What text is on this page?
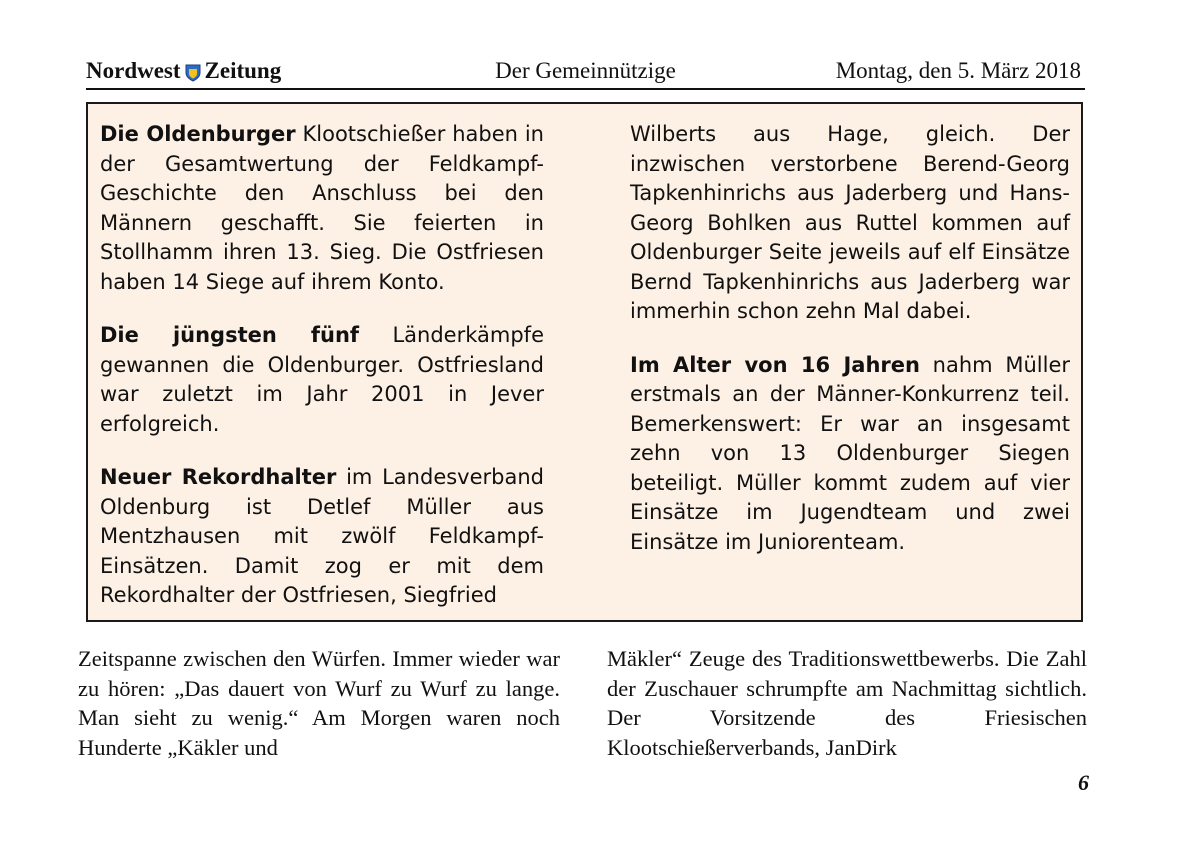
Nordwest Zeitung	Der Gemeinnützige	Montag, den 5. März 2018

Die Oldenburger Klootschießer haben in der Gesamtwertung der Feldkampf-Geschichte den Anschluss bei den Männern geschafft. Sie feierten in Stollhamm ihren 13. Sieg. Die Ostfriesen haben 14 Siege auf ihrem Konto.

Die jüngsten fünf Länderkämpfe gewannen die Oldenburger. Ostfriesland war zuletzt im Jahr 2001 in Jever erfolgreich.

Neuer Rekordhalter im Landesverband Oldenburg ist Detlef Müller aus Mentzhausen mit zwölf Feldkampf-Einsätzen. Damit zog er mit dem Rekordhalter der Ostfriesen, Siegfried

Wilberts aus Hage, gleich. Der inzwischen verstorbene Berend-Georg Tapkenhinrichs aus Jaderberg und Hans-Georg Bohlken aus Ruttel kommen auf Oldenburger Seite jeweils auf elf Einsätze Bernd Tapkenhinrichs aus Jaderberg war immerhin schon zehn Mal dabei.

Im Alter von 16 Jahren nahm Müller erstmals an der Männer-Konkurrenz teil. Bemerkenswert: Er war an insgesamt zehn von 13 Oldenburger Siegen beteiligt. Müller kommt zudem auf vier Einsätze im Jugendteam und zwei Einsätze im Juniorenteam.

Zeitspanne zwischen den Würfen. Immer wieder war zu hören: „Das dauert von Wurf zu Wurf zu lange. Man sieht zu wenig.“ Am Morgen waren noch Hunderte „Käkler und
Mäkler“ Zeuge des Traditionswettbewerbs. Die Zahl der Zuschauer schrumpfte am Nachmittag sichtlich. Der Vorsitzende des Friesischen Klootschießerverbands, JanDirk
6
